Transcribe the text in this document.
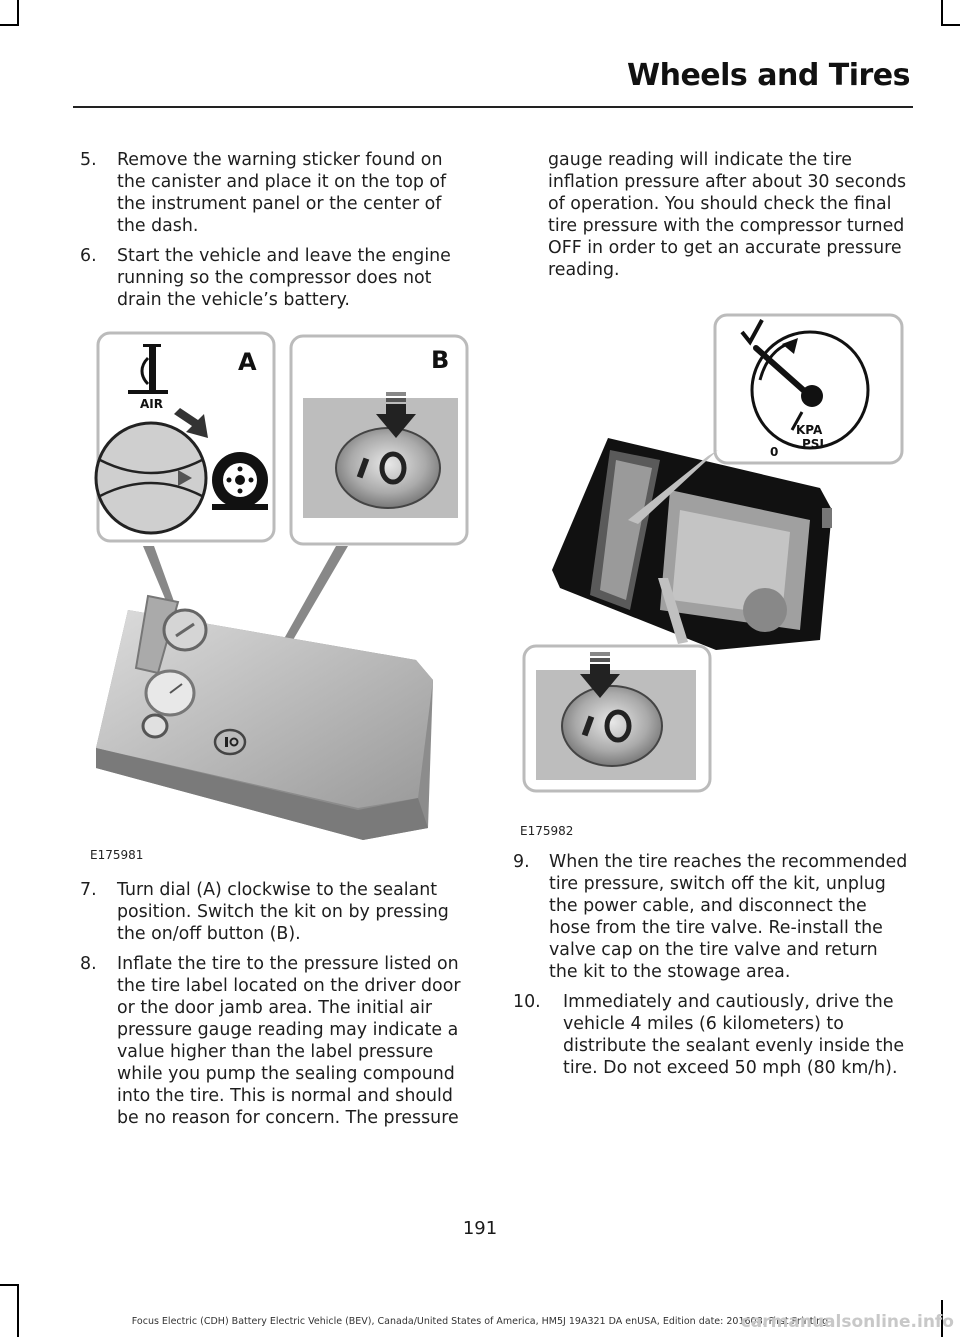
Wheels and Tires
5.	Remove the warning sticker found on the canister and place it on the top of the instrument panel or the center of the dash.
6.	Start the vehicle and leave the engine running so the compressor does not drain the vehicle’s battery.
AIR
A	B
E175981
7.	Turn dial (A) clockwise to the sealant position. Switch the kit on by pressing the on/off button (B).
8.	Inflate the tire to the pressure listed on the tire label located on the driver door or the door jamb area. The initial air pressure gauge reading may indicate a value higher than the label pressure while you pump the sealing compound into the tire. This is normal and should be no reason for concern. The pressure

gauge reading will indicate the tire inflation pressure after about 30 seconds of operation. You should check the final tire pressure with the compressor turned OFF in order to get an accurate pressure reading.

KPA
PSI
0
E175982
9.	When the tire reaches the recommended tire pressure, switch off the kit, unplug the power cable, and disconnect the hose from the tire valve. Re-install the valve cap on the tire valve and return the kit to the stowage area.
10.	Immediately and cautiously, drive the vehicle 4 miles (6 kilometers) to distribute the sealant evenly inside the tire. Do not exceed 50 mph (80 km/h).
191
Focus Electric (CDH) Battery Electric Vehicle (BEV), Canada/United States of America, HM5J 19A321 DA enUSA, Edition date: 201608, First Printing
carmanualsonline.info
